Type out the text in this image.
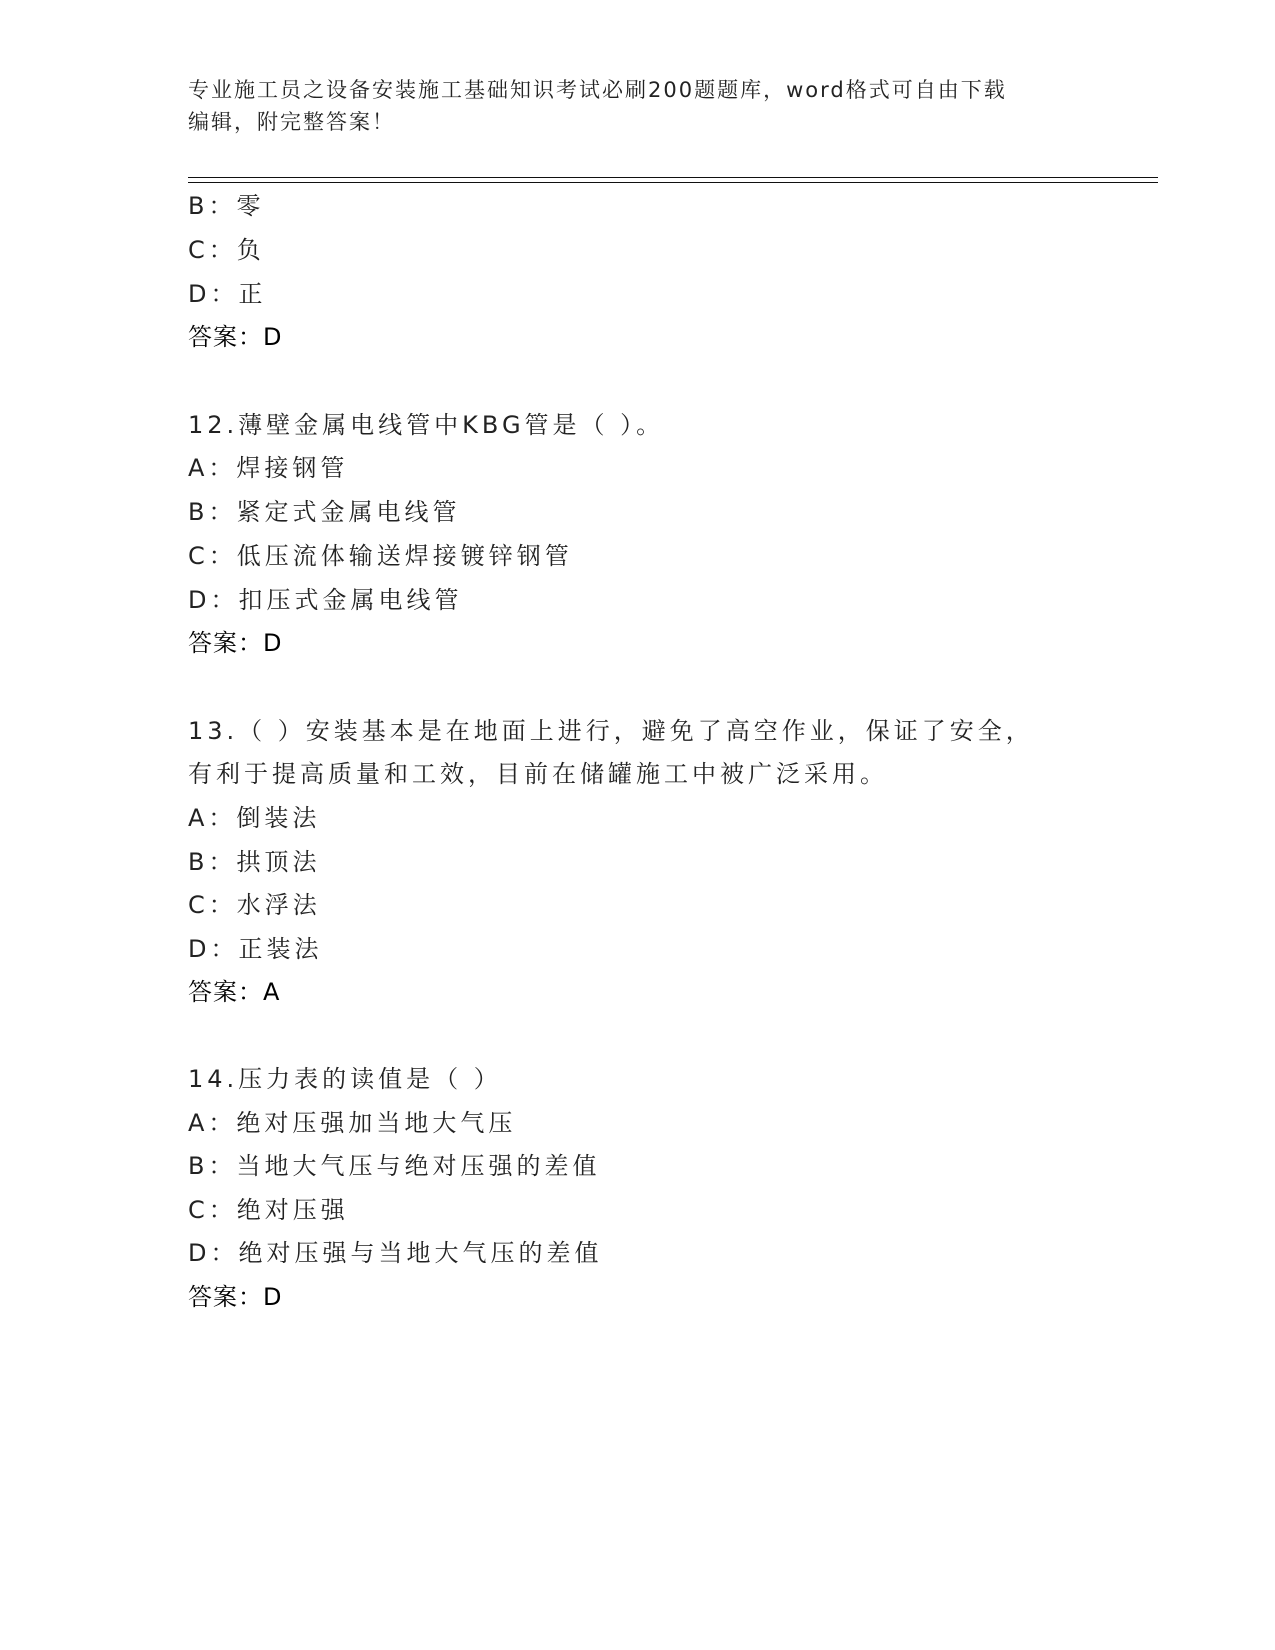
专业施工员之设备安装施工基础知识考试必刷200题题库，word格式可自由下载
编辑，附完整答案！
B：零
C：负
D：正
答案：D
12.薄壁金属电线管中KBG管是（ ）。
A：焊接钢管
B：紧定式金属电线管
C：低压流体输送焊接镀锌钢管
D：扣压式金属电线管
答案：D
13.（ ）安装基本是在地面上进行，避免了高空作业，保证了安全，
有利于提高质量和工效，目前在储罐施工中被广泛采用。
A：倒装法
B：拱顶法
C：水浮法
D：正装法
答案：A
14.压力表的读值是（ ）
A：绝对压强加当地大气压
B：当地大气压与绝对压强的差值
C：绝对压强
D：绝对压强与当地大气压的差值
答案：D
